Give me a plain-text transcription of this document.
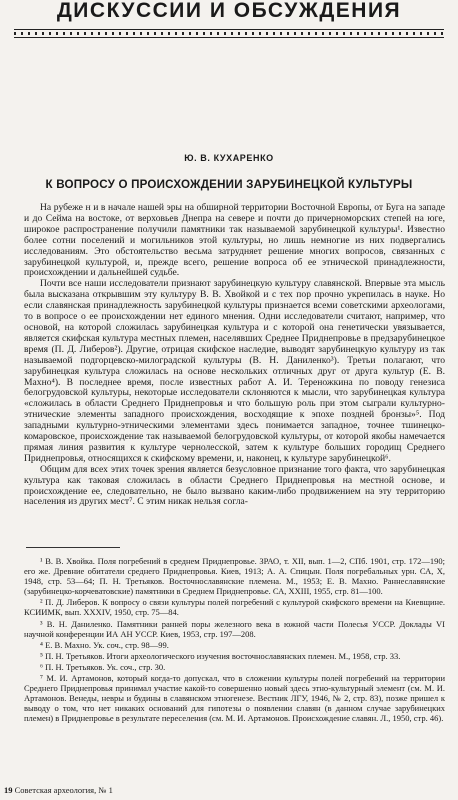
ДИСКУССИИ И ОБСУЖДЕНИЯ
Ю. В. КУХАРЕНКО
К ВОПРОСУ О ПРОИСХОЖДЕНИИ ЗАРУБИНЕЦКОЙ КУЛЬТУРЫ

На рубеже н и в начале нашей эры на обширной территории Восточной Европы, от Буга на западе и до Сейма на востоке, от верховьев Днепра на севере и почти до причерноморских степей на юге, широкое распространение получили памятники так называемой зарубинецкой культуры¹. Известно более сотни поселений и могильников этой культуры, но лишь немногие из них подвергались исследованиям. Это обстоятельство весьма затрудняет решение многих вопросов, связанных с зарубинецкой культурой, и, прежде всего, решение вопроса об ее этнической принадлежности, происхождении и дальнейшей судьбе.

Почти все наши исследователи признают зарубинецкую культуру славянской. Впервые эта мысль была высказана открывшим эту культуру В. В. Хвойкой и с тех пор прочно укрепилась в науке. Но если славянская принадлежность зарубинецкой культуры признается всеми советскими археологами, то в вопросе о ее происхождении нет единого мнения. Одни исследователи считают, например, что основой, на которой сложилась зарубинецкая культура и с которой она генетически увязывается, является скифская культура местных племен, населявших Среднее Приднепровье в предзарубинецкое время (П. Д. Либеров²). Другие, отрицая скифское наследие, выводят зарубинецкую культуру из так называемой подгорцевско-милоградской культуры (В. Н. Даниленко³). Третьи полагают, что зарубинецкая культура сложилась на основе нескольких отличных друг от друга культур (Е. В. Махно⁴). В последнее время, после известных работ А. И. Тереножкина по поводу генезиса белогрудовской культуры, некоторые исследователи склоняются к мысли, что зарубинецкая культура «сложилась в области Среднего Приднепровья и что большую роль при этом сыграли культурно-этнические элементы западного происхождения, восходящие к эпохе поздней бронзы»⁵. Под западными культурно-этническими элементами здесь понимается западное, точнее тшинецко-комаровское, происхождение так называемой белогрудовской культуры, от которой якобы намечается прямая линия развития к культуре чернолесской, затем к культуре больших городищ Среднего Приднепровья, относящихся к скифскому времени, и, наконец, к культуре зарубинецкой⁶.

Общим для всех этих точек зрения является безусловное признание того факта, что зарубинецкая культура как таковая сложилась в области Среднего Приднепровья на местной основе, и происхождение ее, следовательно, не было вызвано каким-либо продвижением на эту территорию населения из других мест⁷. С этим никак нельзя согла-

¹ В. В. Хвойка. Поля погребений в среднем Приднепровье. ЗРАО, т. XII, вып. 1—2, СПб. 1901, стр. 172—190; его же. Древние обитатели среднего Приднепровья. Киев, 1913; А. А. Спицын. Поля погребальных урн. СА, X, 1948, стр. 53—64; П. Н. Третьяков. Восточнославянские племена. М., 1953; Е. В. Махно. Раннеславянские (зарубинецко-корчеватовские) памятники в Среднем Приднепровье. СА, XXIII, 1955, стр. 81—100.

² П. Д. Либеров. К вопросу о связи культуры полей погребений с культурой скифского времени на Киевщине. КСИИМК, вып. XXXIV, 1950, стр. 75—84.

³ В. Н. Даниленко. Памятники ранней поры железного века в южной части Полесья УССР. Доклады VI научной конференции ИА АН УССР. Киев, 1953, стр. 197—208.

⁴ Е. В. Махно. Ук. соч., стр. 98—99.

⁵ П. Н. Третьяков. Итоги археологического изучения восточнославянских племен. М., 1958, стр. 33.

⁶ П. Н. Третьяков. Ук. соч., стр. 30.

⁷ М. И. Артамонов, который когда-то допускал, что в сложении культуры полей погребений на территории Среднего Приднепровья принимал участие какой-то совершенно новый здесь этно-культурный элемент (см. М. И. Артамонов. Венеды, невры и будины в славянском этногенезе. Вестник ЛГУ, 1946, № 2, стр. 83), позже пришел к выводу о том, что нет никаких оснований для гипотезы о появлении славян (в данном случае зарубинецких племен) в Приднепровье в результате переселения (см. М. И. Артамонов. Происхождение славян. Л., 1950, стр. 46).

19 Советская археология, № 1
